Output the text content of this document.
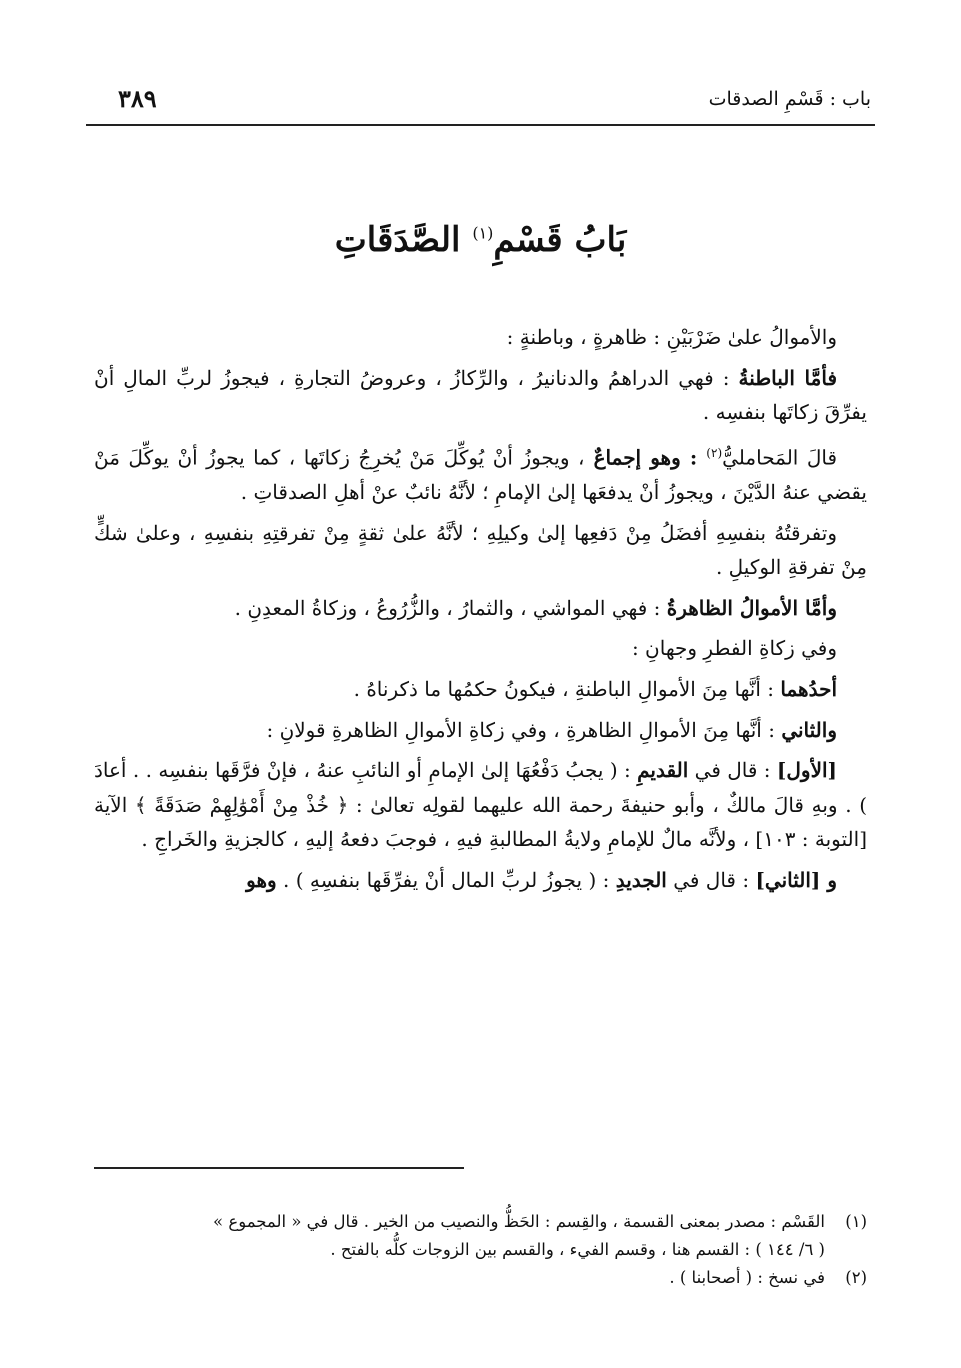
باب : قَسْمِ الصدقات
٣٨٩
بَابُ قَسْمِ$^{(١)}$ الصَّدَقَاتِ

والأموالُ علىٰ ضَرْبَيْنِ : ظاهرةٍ ، وباطنةٍ :

فأمَّا الباطنةُ : فهي الدراهمُ والدنانيرُ ، والرِّكازُ ، وعروضُ التجارةِ ، فيجوزُ لربِّ المالِ أنْ يفرِّقَ زكاتَها بنفسِه .

قالَ المَحامليُّ$^{(٢)}$ : وهو إجماعٌ ، ويجوزُ أنْ يُوكِّلَ مَنْ يُخرِجُ زكاتَها ، كما يجوزُ أنْ يوكِّلَ مَنْ يقضي عنهُ الدَّيْنَ ، ويجوزُ أنْ يدفعَها إلىٰ الإمامِ ؛ لأنَّهُ نائبٌ عنْ أهلِ الصدقاتِ .

وتفرقتُهُ بنفسِهِ أفضَلُ مِنْ دَفعِها إلىٰ وكيلِهِ ؛ لأنَّهُ علىٰ ثقةٍ مِنْ تفرقتِهِ بنفسِهِ ، وعلىٰ شكٍّ مِنْ تفرقةِ الوكيلِ .

وأمَّا الأموالُ الظاهرةُ : فهي المواشي ، والثمارُ ، والزُّرُوعُ ، وزكاةُ المعدِنِ .

وفي زكاةِ الفطرِ وجهانِ :

أحدُهما : أنَّها مِنَ الأموالِ الباطنةِ ، فيكونُ حكمُها ما ذكرناهُ .

والثاني : أنَّها مِنَ الأموالِ الظاهرةِ ، وفي زكاةِ الأموالِ الظاهرةِ قولانِ :

[الأول] : قال في القديمِ : ( يجبُ دَفْعُهَا إلىٰ الإمامِ أو النائبِ عنهُ ، فإنْ فرَّقَها بنفسِه . . أعادَ ) . وبهِ قالَ مالكٌ ، وأبو حنيفةَ رحمة الله عليهما لقولِه تعالىٰ : ﴿ خُذْ مِنْ أَمْوَٰلِهِمْ صَدَقَةً ﴾ الآية [التوبة : ١٠٣] ، ولأنَّه مالٌ للإمامِ ولايةُ المطالبةِ فيهِ ، فوجبَ دفعهُ إليهِ ، كالجزيةِ والخَراجِ .

و [الثاني] : قال في الجديدِ : ( يجوزُ لربِّ المال أنْ يفرِّقَها بنفسِهِ ) . وهو

(١)القَسْم : مصدر بمعنى القسمة ، والقِسم : الحَظُّ والنصيب من الخير . قال في « المجموع »
( ٦/ ١٤٤ ) : القسم هنا ، وقسم الفيء ، والقسم بين الزوجات كلُّه بالفتح .
(٢)في نسخ : ( أصحابنا ) .
